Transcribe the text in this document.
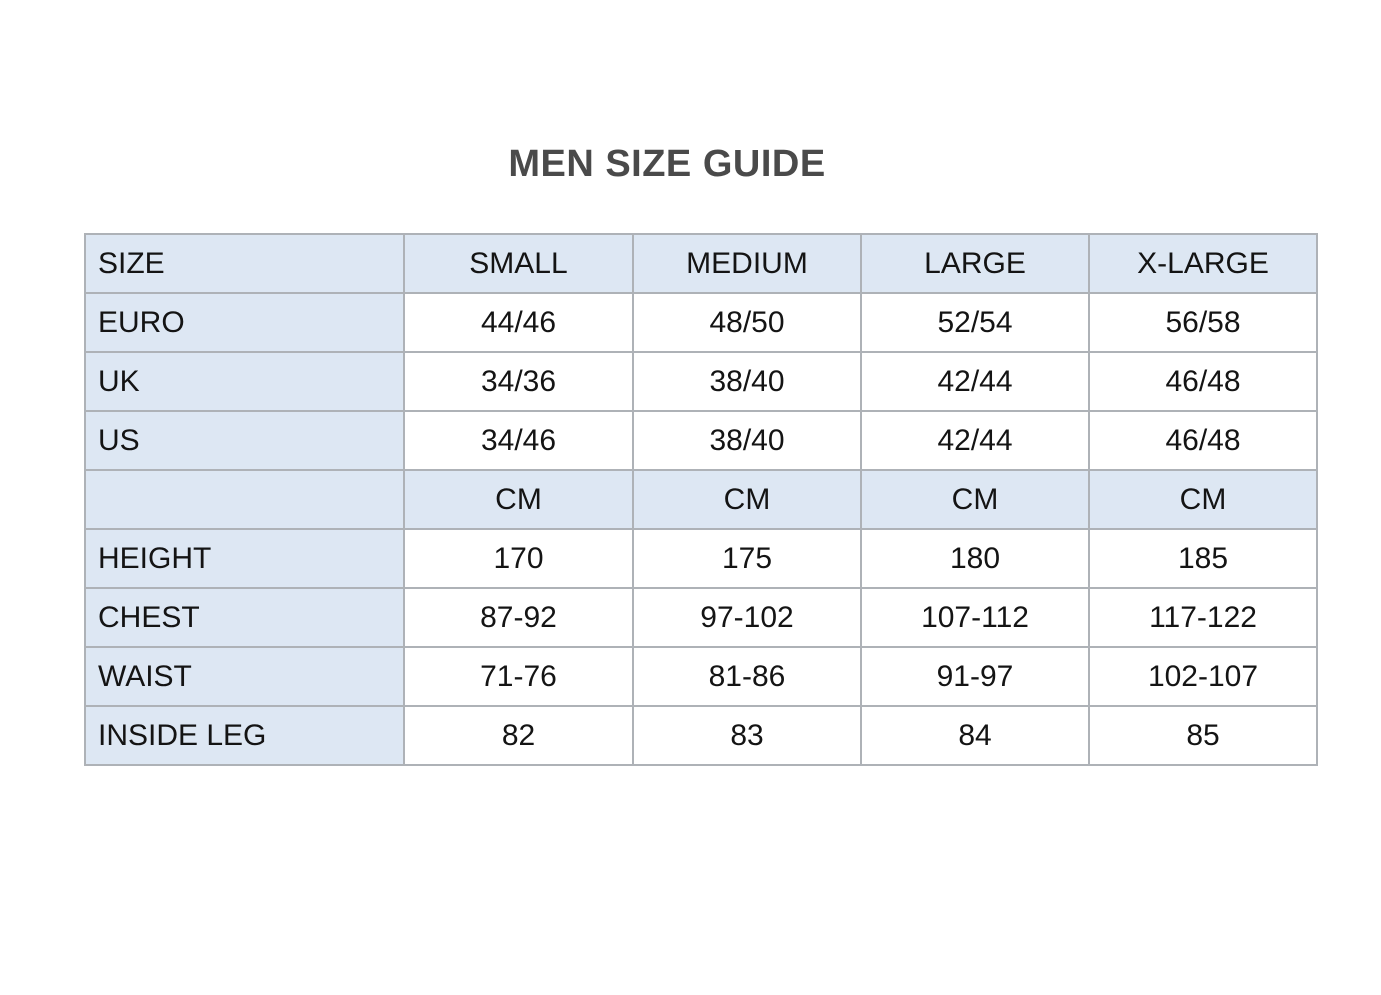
MEN SIZE GUIDE
SIZE	SMALL	MEDIUM	LARGE	X-LARGE
EURO	44/46	48/50	52/54	56/58
UK	34/36	38/40	42/44	46/48
US	34/46	38/40	42/44	46/48
	CM	CM	CM	CM
HEIGHT	170	175	180	185
CHEST	87-92	97-102	107-112	117-122
WAIST	71-76	81-86	91-97	102-107
INSIDE LEG	82	83	84	85
